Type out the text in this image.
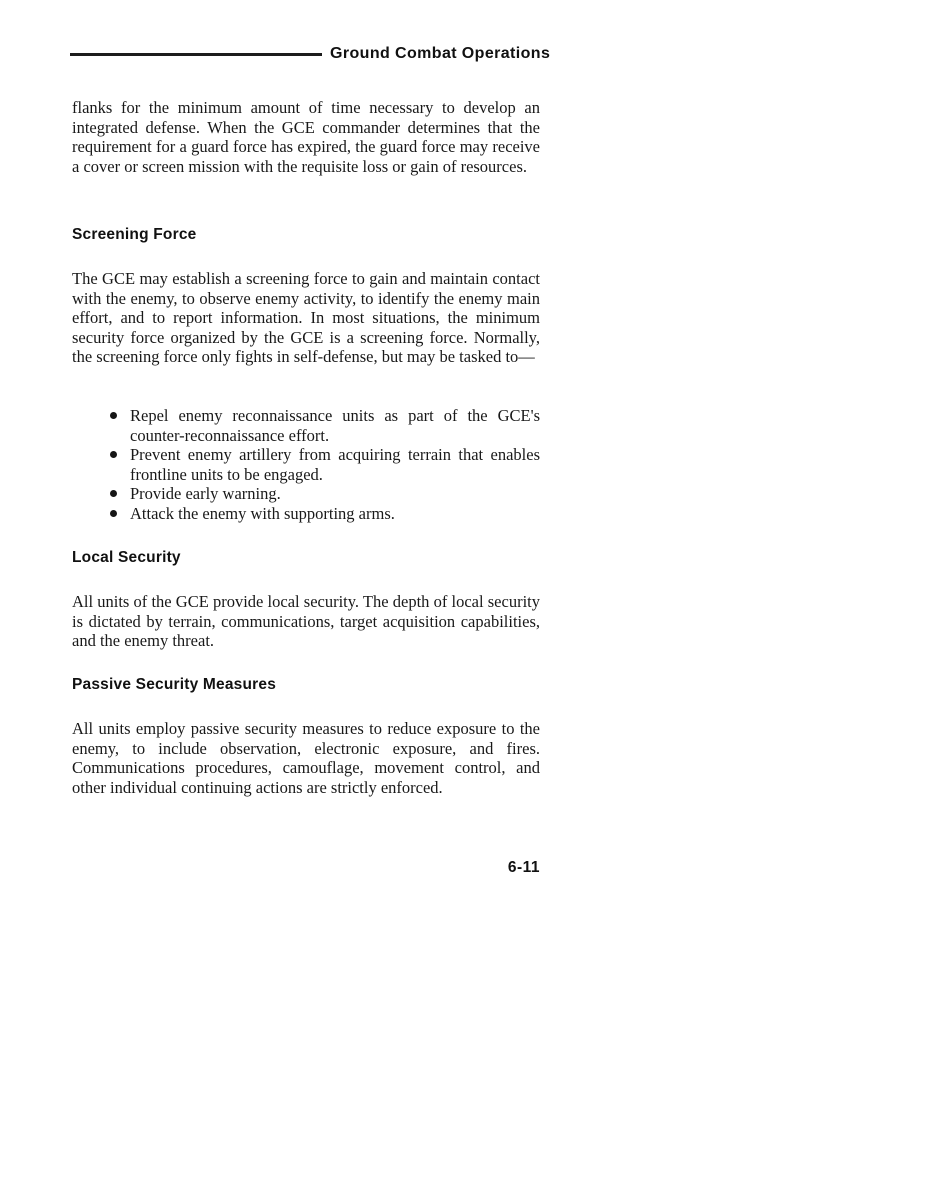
Ground Combat Operations
flanks for the minimum amount of time necessary to develop an integrated defense. When the GCE commander determines that the requirement for a guard force has expired, the guard force may receive a cover or screen mission with the requisite loss or gain of resources.
Screening Force
The GCE may establish a screening force to gain and maintain contact with the enemy, to observe enemy activity, to identify the enemy main effort, and to report information. In most situations, the minimum security force organized by the GCE is a screening force. Normally, the screening force only fights in self-defense, but may be tasked to—
Repel enemy reconnaissance units as part of the GCE's counter-reconnaissance effort.
Prevent enemy artillery from acquiring terrain that enables frontline units to be engaged.
Provide early warning.
Attack the enemy with supporting arms.
Local Security
All units of the GCE provide local security. The depth of local security is dictated by terrain, communications, target acquisition capabilities, and the enemy threat.
Passive Security Measures
All units employ passive security measures to reduce exposure to the enemy, to include observation, electronic exposure, and fires. Communications procedures, camouflage, movement control, and other individual continuing actions are strictly enforced.
6-11
